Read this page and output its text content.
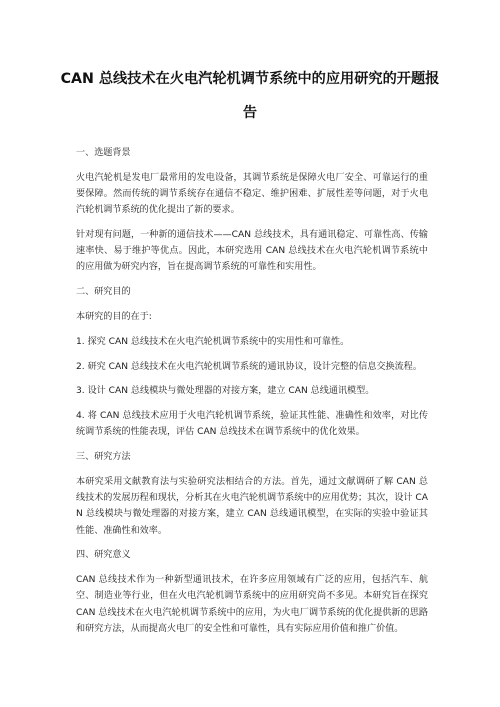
CAN 总线技术在火电汽轮机调节系统中的应用研究的开题报告

一、选题背景

火电汽轮机是发电厂最常用的发电设备，其调节系统是保障火电厂安全、可靠运行的重要保障。然而传统的调节系统存在通信不稳定、维护困难、扩展性差等问题，对于火电汽轮机调节系统的优化提出了新的要求。

针对现有问题，一种新的通信技术——CAN 总线技术，具有通讯稳定、可靠性高、传输速率快、易于维护等优点。因此，本研究选用 CAN 总线技术在火电汽轮机调节系统中的应用做为研究内容，旨在提高调节系统的可靠性和实用性。

二、研究目的

本研究的目的在于:

1. 探究 CAN 总线技术在火电汽轮机调节系统中的实用性和可靠性。

2. 研究 CAN 总线技术在火电汽轮机调节系统的通讯协议，设计完整的信息交换流程。

3. 设计 CAN 总线模块与微处理器的对接方案，建立 CAN 总线通讯模型。

4. 将 CAN 总线技术应用于火电汽轮机调节系统，验证其性能、准确性和效率，对比传统调节系统的性能表现，评估 CAN 总线技术在调节系统中的优化效果。

三、研究方法

本研究采用文献教育法与实验研究法相结合的方法。首先，通过文献调研了解 CAN 总线技术的发展历程和现状，分析其在火电汽轮机调节系统中的应用优势；其次，设计 CAN 总线模块与微处理器的对接方案，建立 CAN 总线通讯模型，在实际的实验中验证其性能、准确性和效率。

四、研究意义

CAN 总线技术作为一种新型通讯技术，在许多应用领域有广泛的应用，包括汽车、航空、制造业等行业，但在火电汽轮机调节系统中的应用研究尚不多见。本研究旨在探究 CAN 总线技术在火电汽轮机调节系统中的应用，为火电厂调节系统的优化提供新的思路和研究方法，从而提高火电厂的安全性和可靠性，具有实际应用价值和推广价值。
